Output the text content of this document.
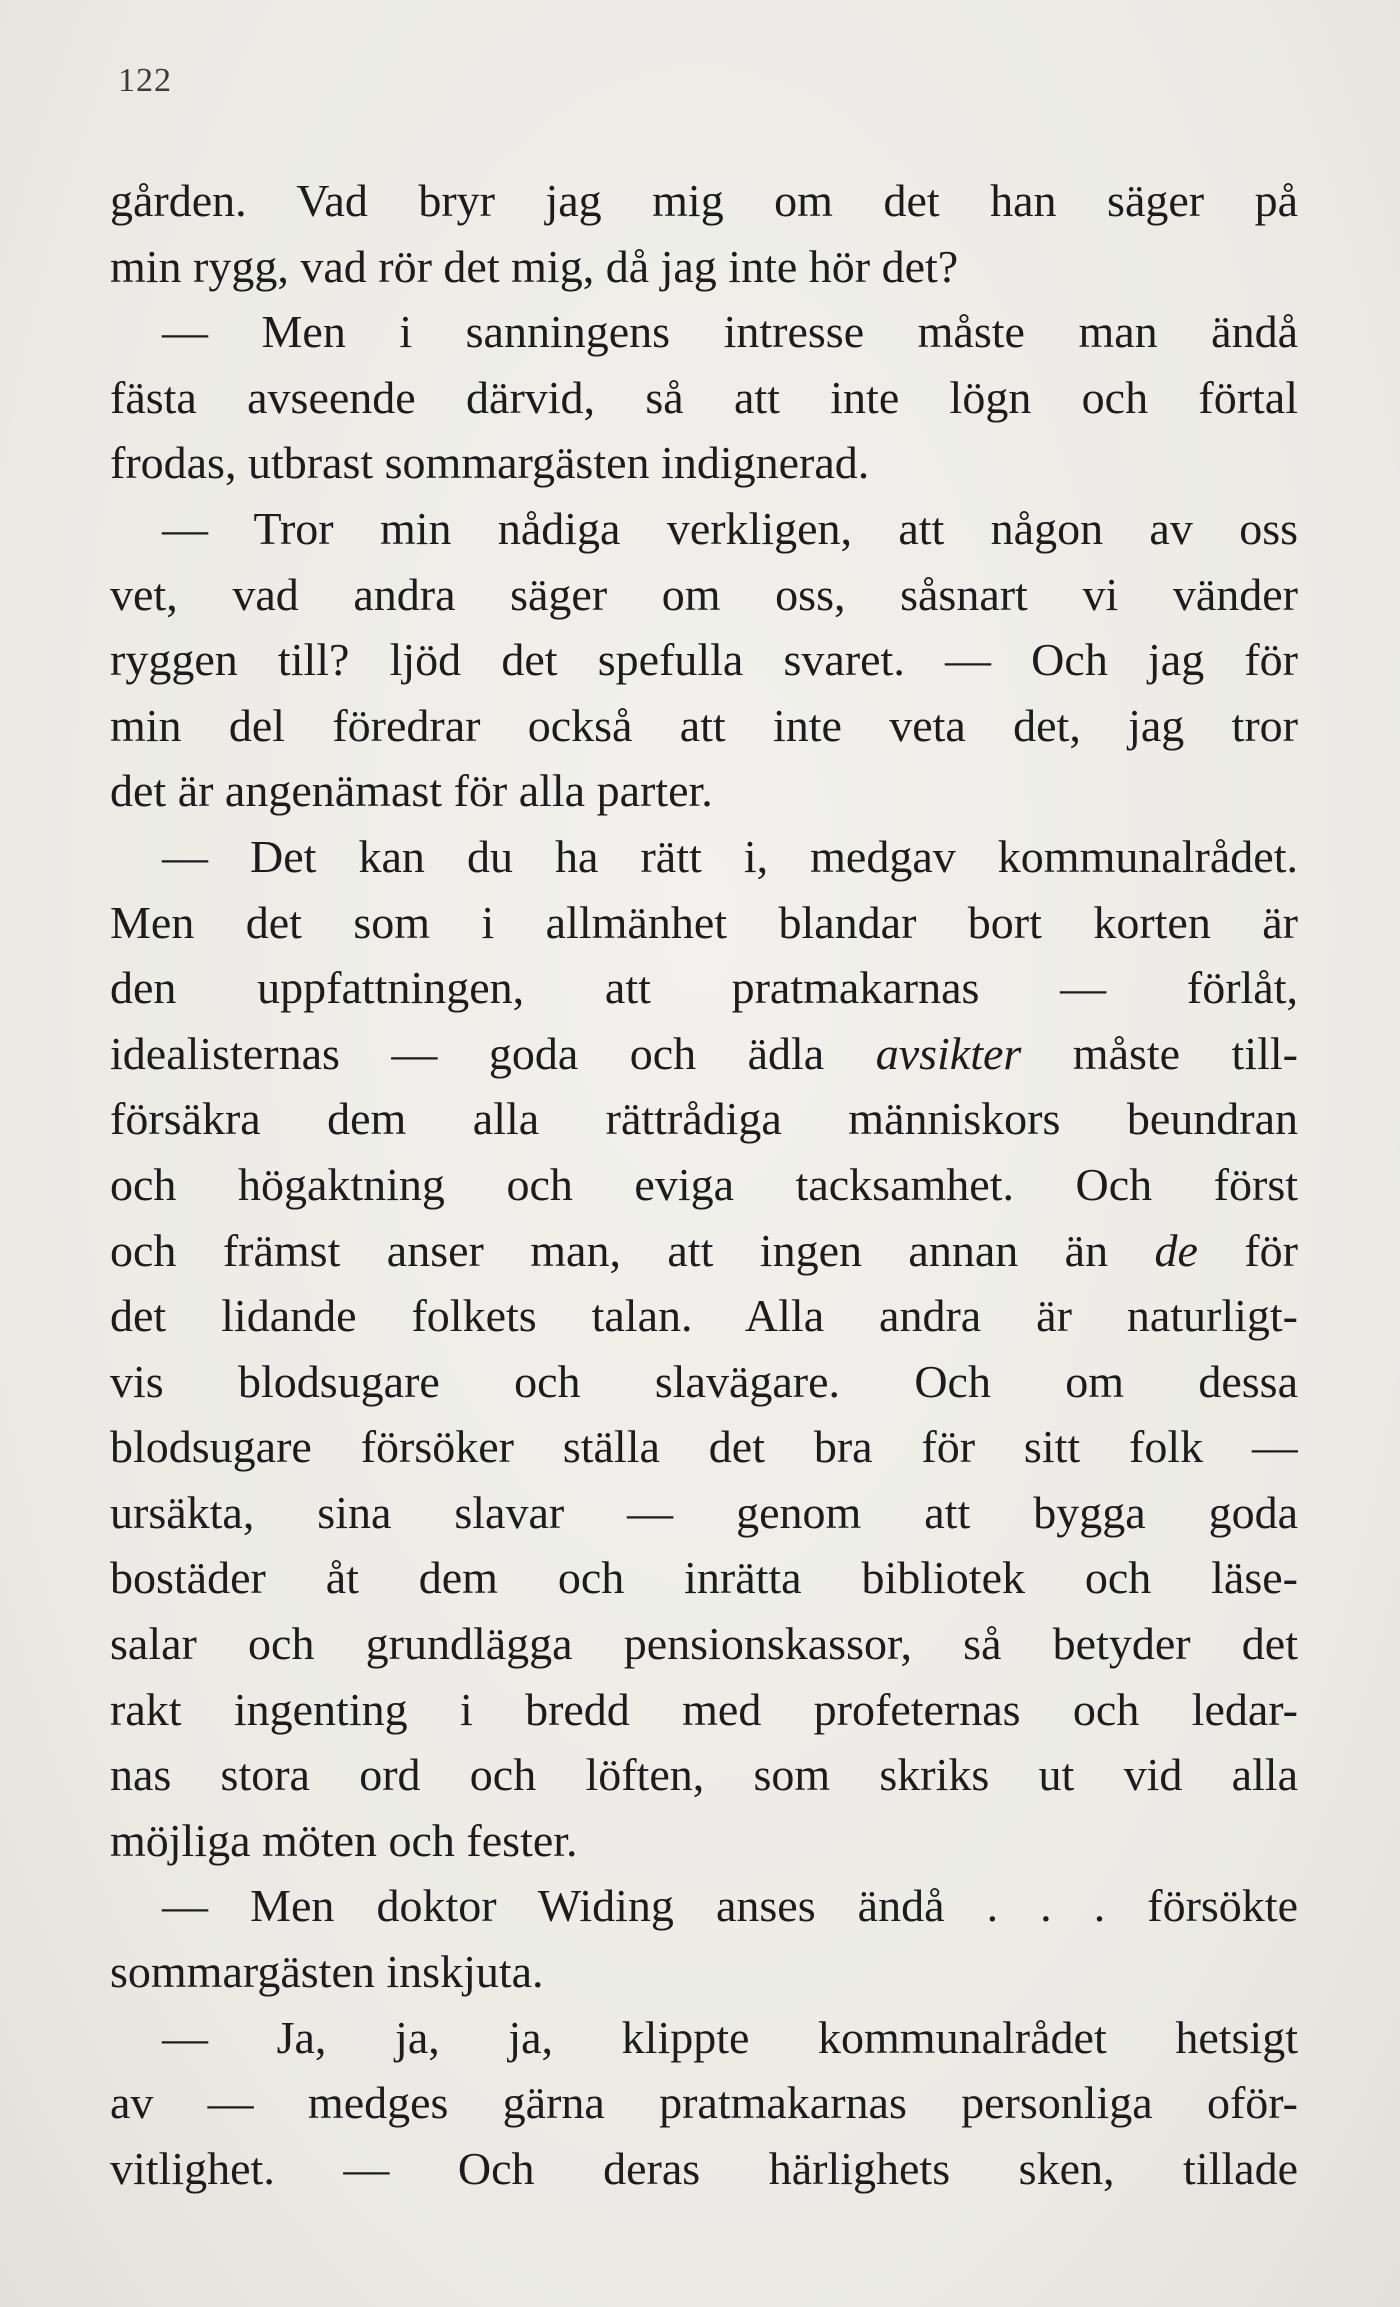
122
gården. Vad bryr jag mig om det han säger på
min rygg, vad rör det mig, då jag inte hör det?
— Men i sanningens intresse måste man ändå
fästa avseende därvid, så att inte lögn och förtal
frodas, utbrast sommargästen indignerad.
— Tror min nådiga verkligen, att någon av oss
vet, vad andra säger om oss, såsnart vi vänder
ryggen till? ljöd det spefulla svaret. — Och jag för
min del föredrar också att inte veta det, jag tror
det är angenämast för alla parter.
— Det kan du ha rätt i, medgav kommunalrådet.
Men det som i allmänhet blandar bort korten är
den uppfattningen, att pratmakarnas — förlåt,
idealisternas — goda och ädla avsikter måste till-
försäkra dem alla rättrådiga människors beundran
och högaktning och eviga tacksamhet. Och först
och främst anser man, att ingen annan än de för
det lidande folkets talan. Alla andra är naturligt-
vis blodsugare och slavägare. Och om dessa
blodsugare försöker ställa det bra för sitt folk —
ursäkta, sina slavar — genom att bygga goda
bostäder åt dem och inrätta bibliotek och läse-
salar och grundlägga pensionskassor, så betyder det
rakt ingenting i bredd med profeternas och ledar-
nas stora ord och löften, som skriks ut vid alla
möjliga möten och fester.
— Men doktor Widing anses ändå . . . försökte
sommargästen inskjuta.
— Ja, ja, ja, klippte kommunalrådet hetsigt
av — medges gärna pratmakarnas personliga oför-
vitlighet. — Och deras härlighets sken, tillade
